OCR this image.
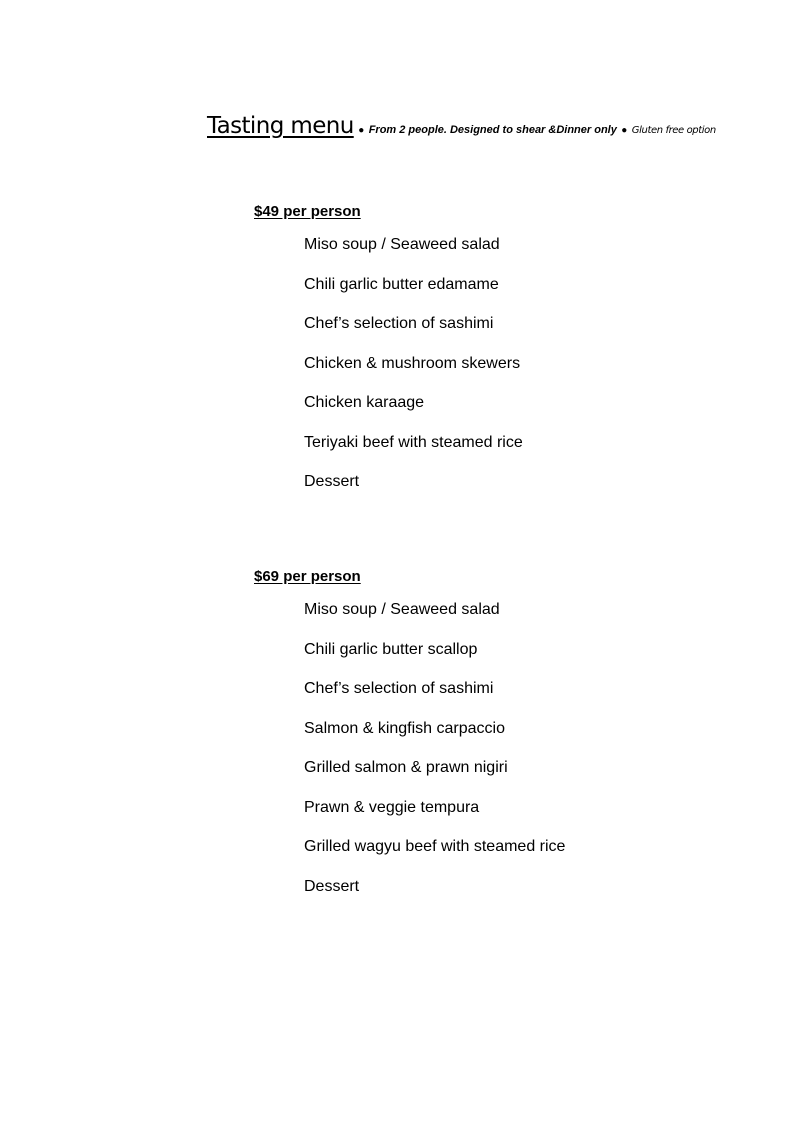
Tasting menu ● From 2 people. Designed to shear &Dinner only ● Gluten free option

$49 per person

Miso soup / Seaweed salad
Chili garlic butter edamame
Chef’s selection of sashimi
Chicken & mushroom skewers
Chicken karaage
Teriyaki beef with steamed rice
Dessert

$69 per person

Miso soup / Seaweed salad
Chili garlic butter scallop
Chef’s selection of sashimi
Salmon & kingfish carpaccio
Grilled salmon & prawn nigiri
Prawn & veggie tempura
Grilled wagyu beef with steamed rice
Dessert
